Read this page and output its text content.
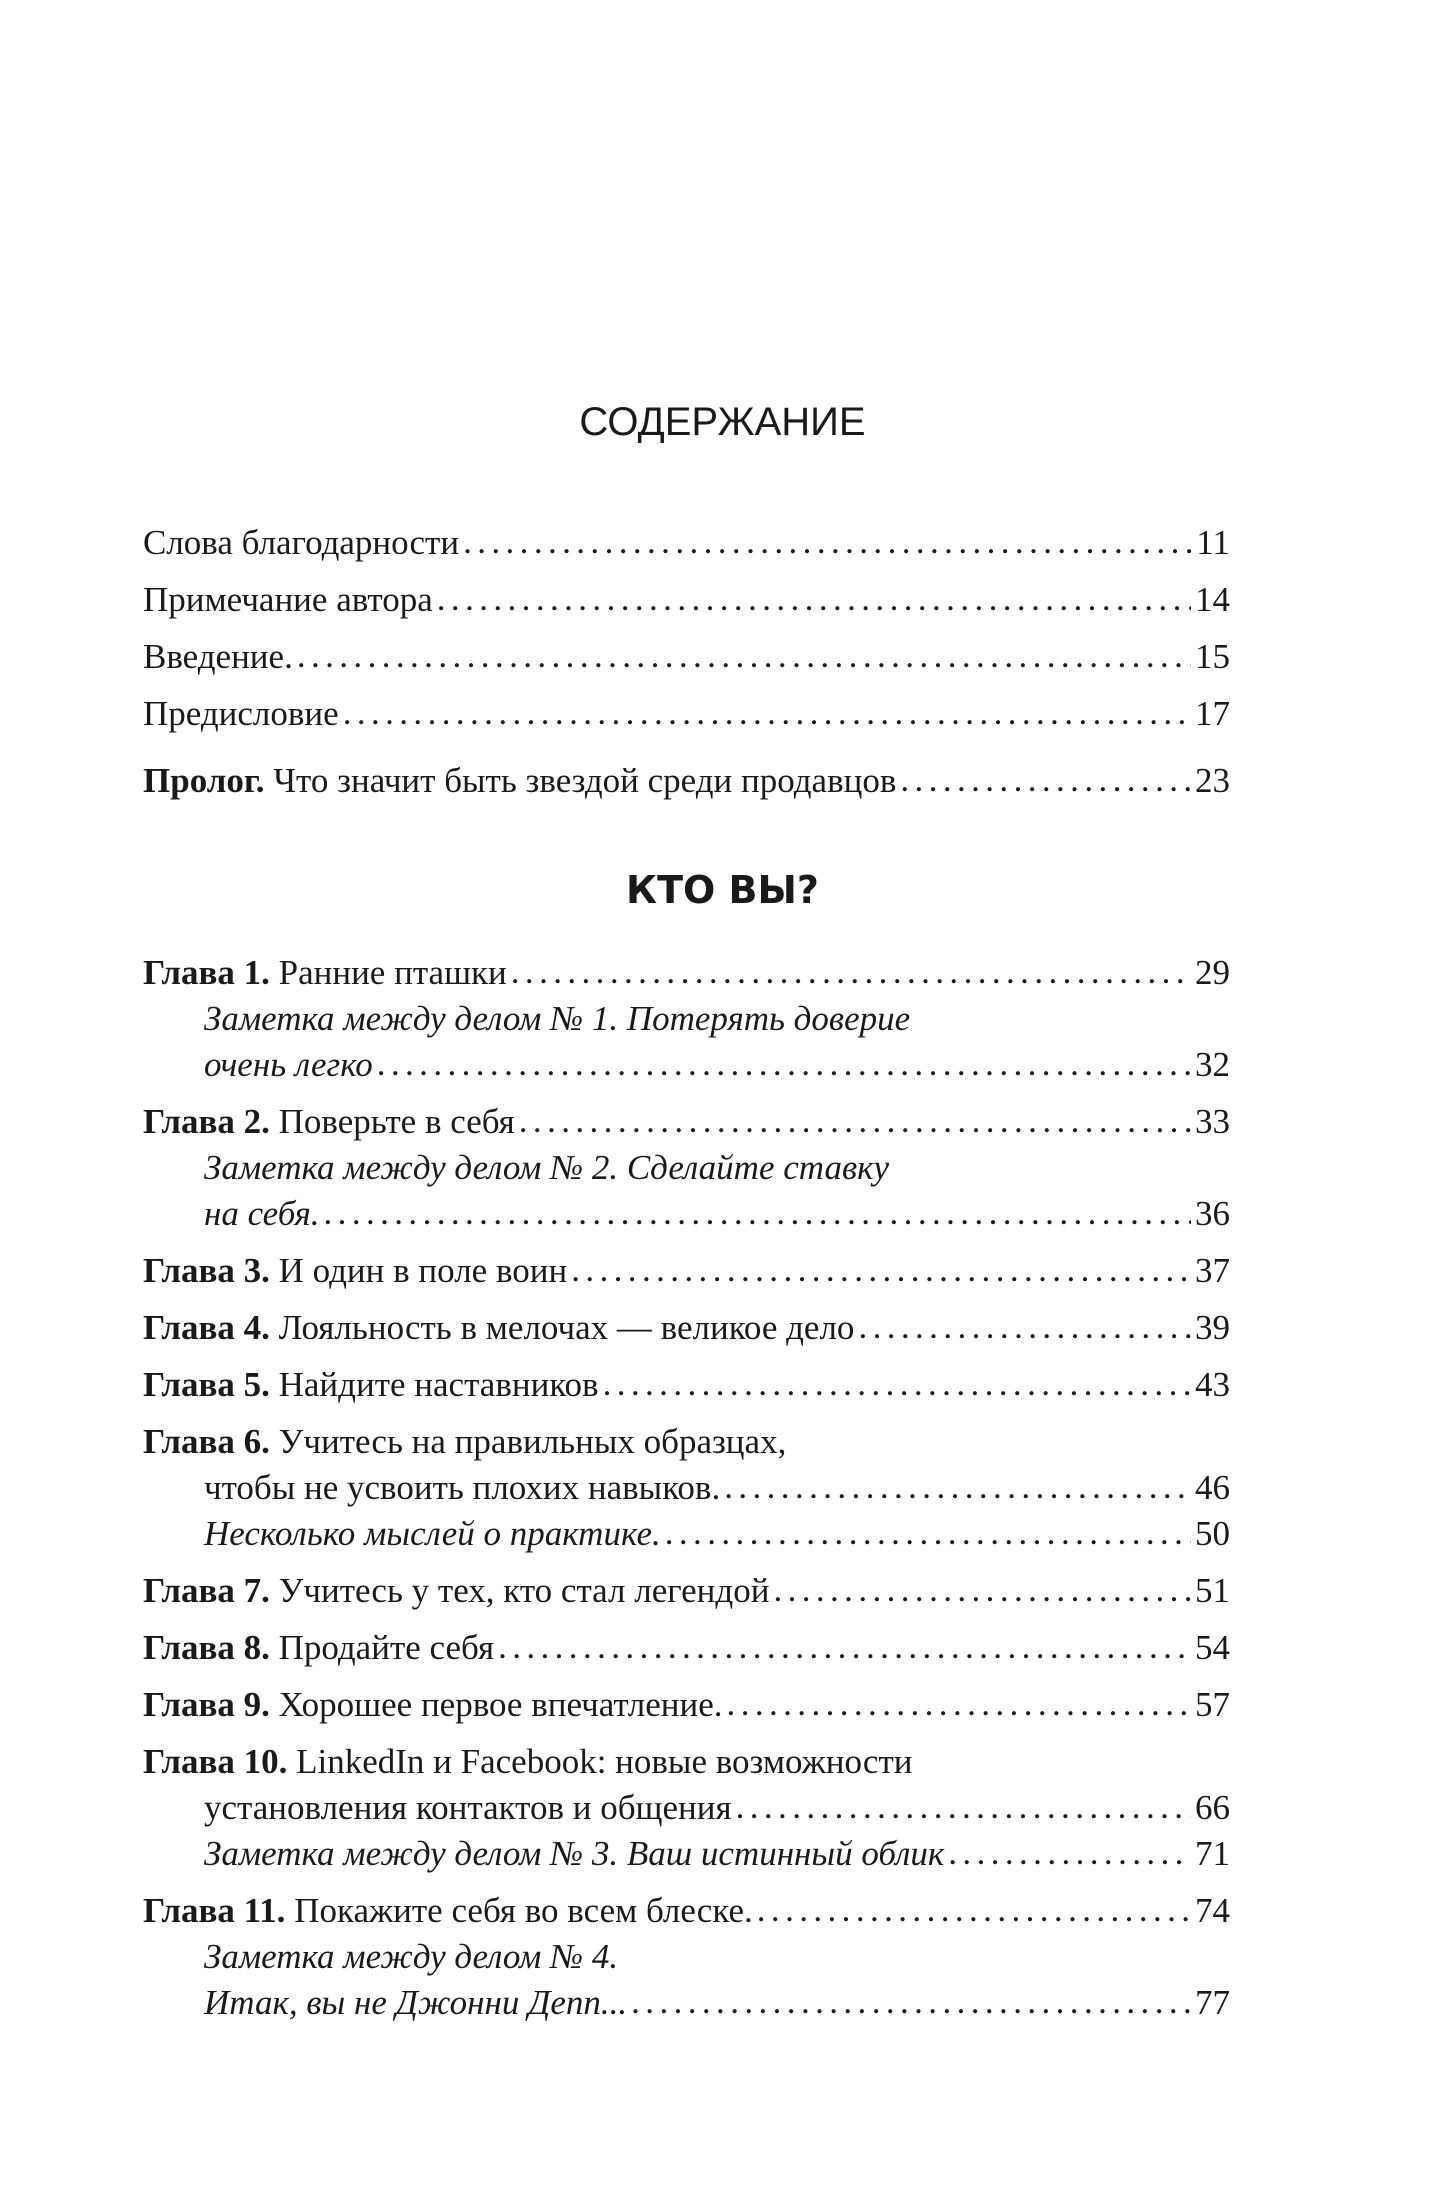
СОДЕРЖАНИЕ
Слова благодарности .....	11
Примечание автора .....	14
Введение. .....	15
Предисловие .....	17
Пролог. Что значит быть звездой среди продавцов .....	23
КТО ВЫ?
Глава 1. Ранние пташки .....	29
Заметка между делом № 1. Потерять доверие
очень легко .....	32
Глава 2. Поверьте в себя .....	33
Заметка между делом № 2. Сделайте ставку
на себя. .....	36
Глава 3. И один в поле воин .....	37
Глава 4. Лояльность в мелочах — великое дело .....	39
Глава 5. Найдите наставников .....	43
Глава 6. Учитесь на правильных образцах,
чтобы не усвоить плохих навыков. .....	46
Несколько мыслей о практике. .....	50
Глава 7. Учитесь у тех, кто стал легендой .....	51
Глава 8. Продайте себя .....	54
Глава 9. Хорошее первое впечатление. .....	57
Глава 10. LinkedIn и Facebook: новые возможности
установления контактов и общения .....	66
Заметка между делом № 3. Ваш истинный облик .....	71
Глава 11. Покажите себя во всем блеске. .....	74
Заметка между делом № 4.
Итак, вы не Джонни Депп... .....	77
